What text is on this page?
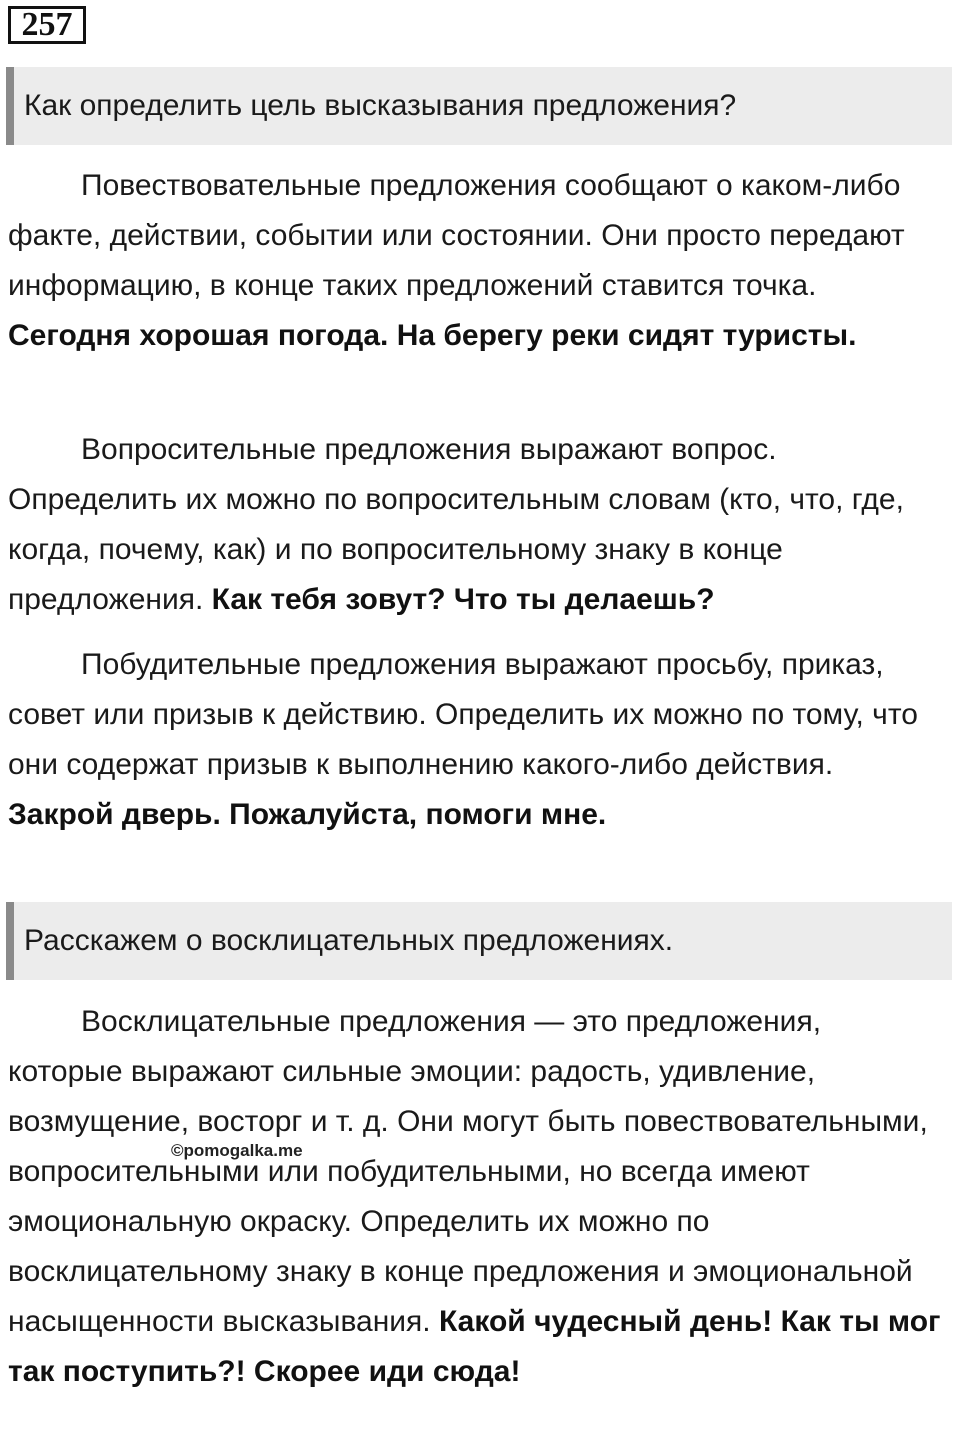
257
Как определить цель высказывания предложения?

Повествовательные предложения сообщают о каком-либо факте, действии, событии или состоянии. Они просто передают информацию, в конце таких предложений ставится точка. Сегодня хорошая погода. На берегу реки сидят туристы.

Вопросительные предложения выражают вопрос. Определить их можно по вопросительным словам (кто, что, где, когда, почему, как) и по вопросительному знаку в конце предложения. Как тебя зовут? Что ты делаешь?

Побудительные предложения выражают просьбу, приказ, совет или призыв к действию. Определить их можно по тому, что они содержат призыв к выполнению какого-либо действия. Закрой дверь. Пожалуйста, помоги мне.

Расскажем о восклицательных предложениях.

Восклицательные предложения — это предложения, которые выражают сильные эмоции: радость, удивление, возмущение, восторг и т. д. Они могут быть повествовательными, вопросительными или побудительными, но всегда имеют эмоциональную окраску. Определить их можно по восклицательному знаку в конце предложения и эмоциональной насыщенности высказывания. Какой чудесный день! Как ты мог так поступить?! Скорее иди сюда!

©pomogalka.me
